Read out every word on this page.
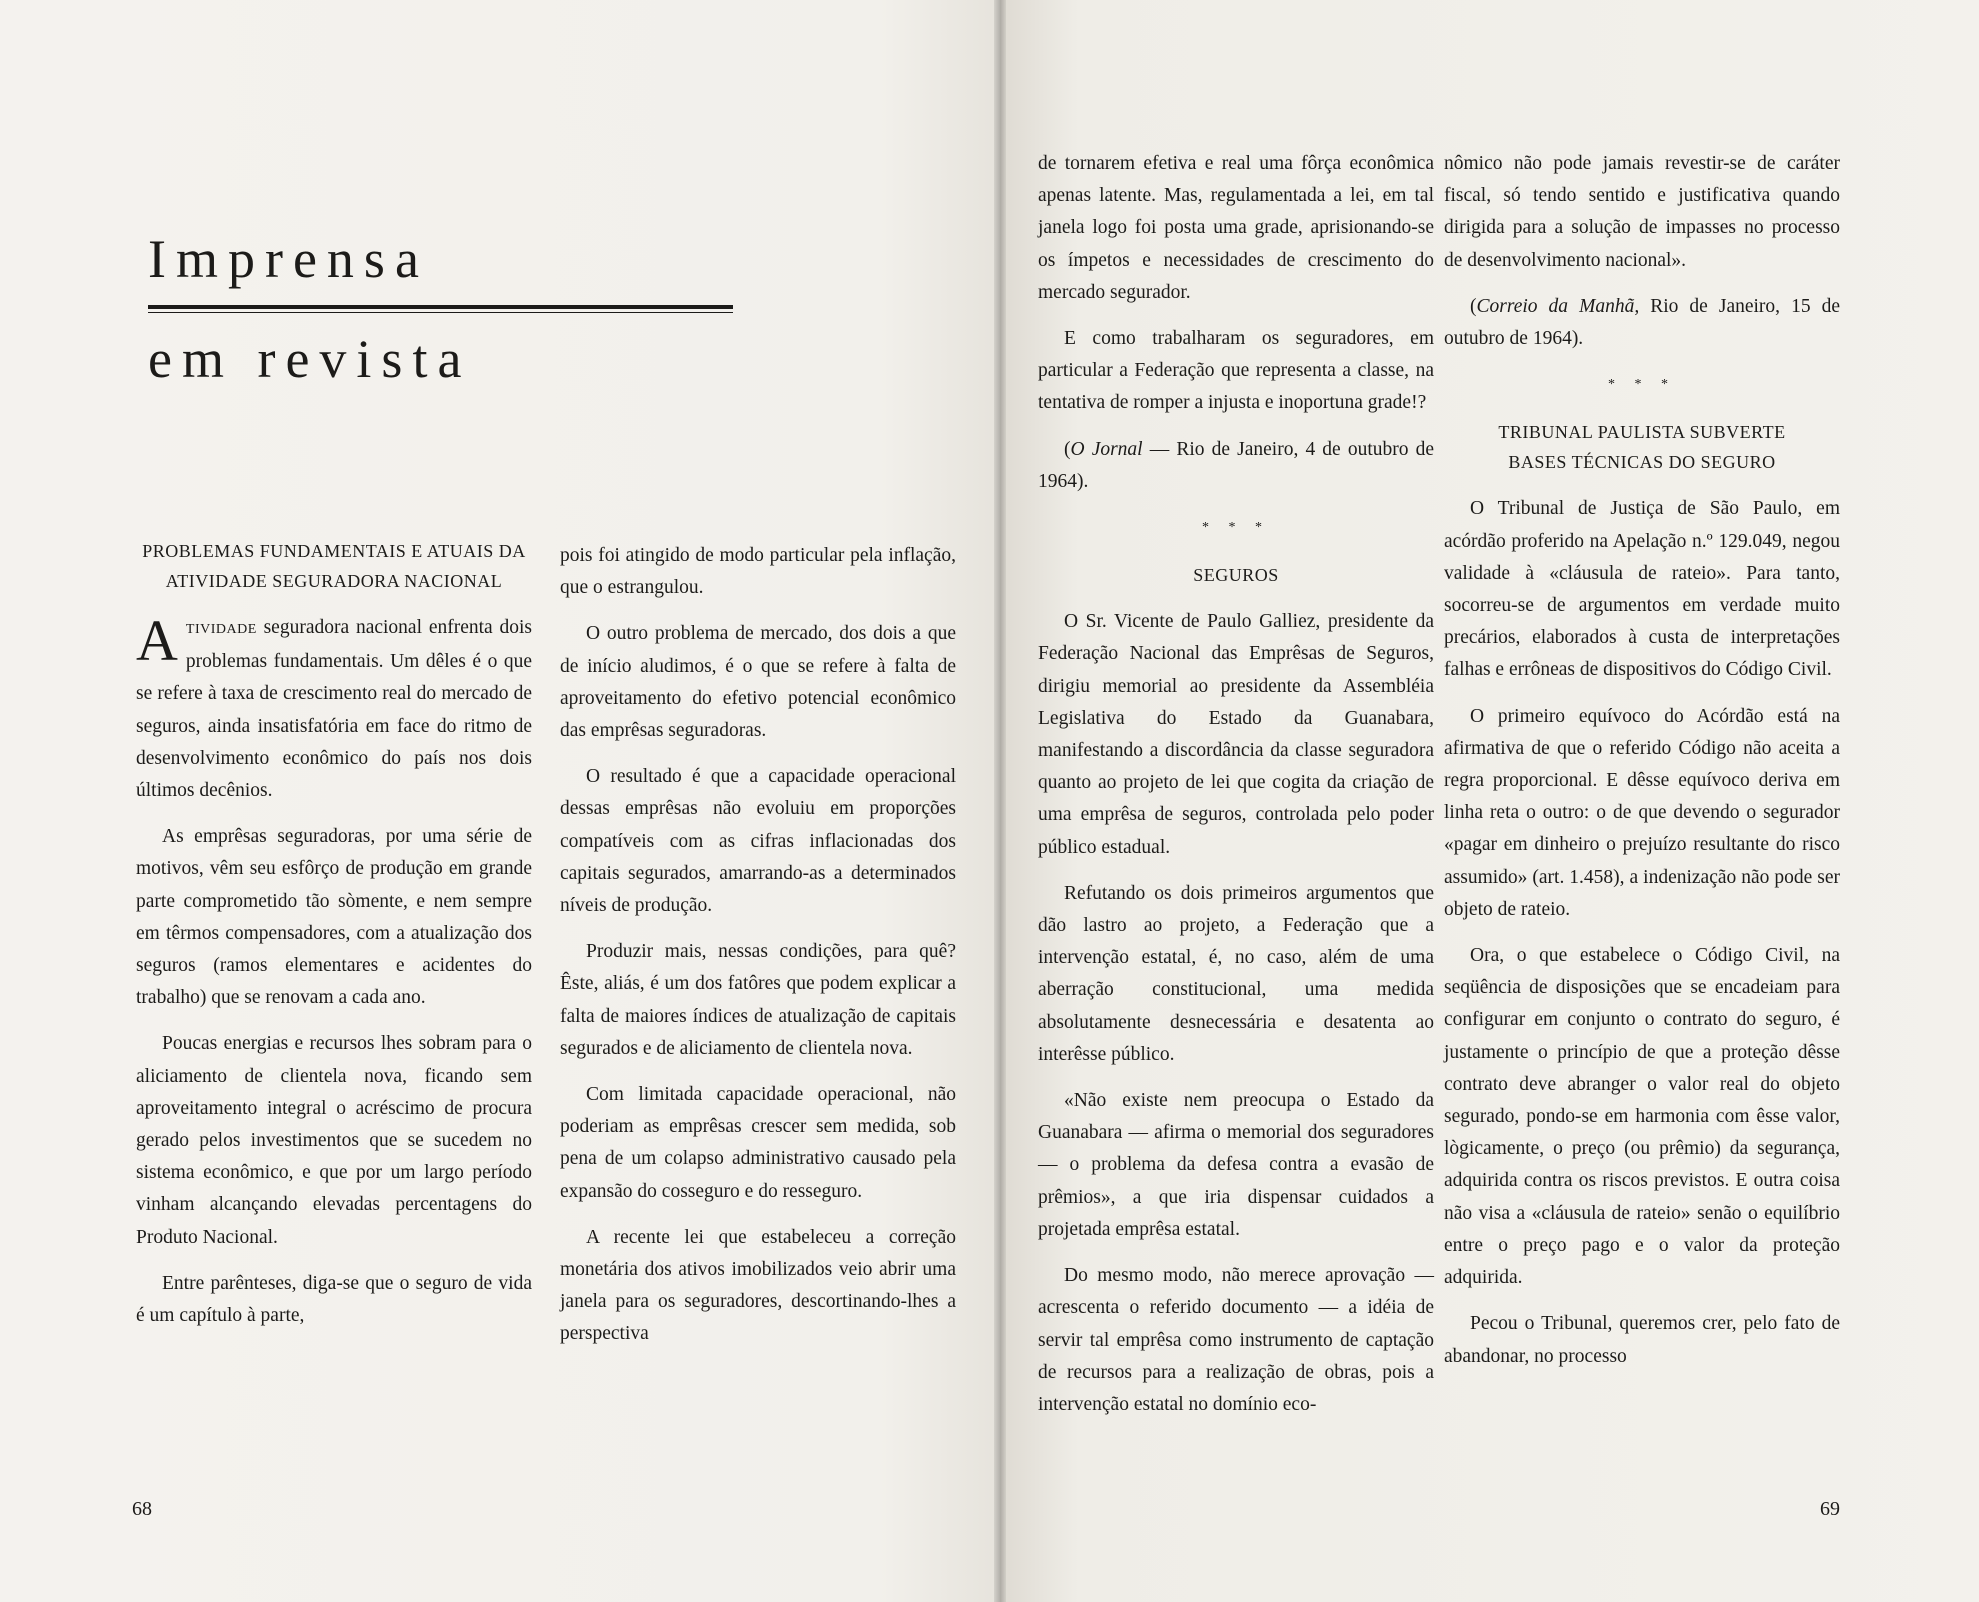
Imprensa
em revista
PROBLEMAS FUNDAMENTAIS E ATUAIS DA ATIVIDADE SEGURADORA NACIONAL

ATIVIDADE seguradora nacional enfrenta dois problemas fundamentais. Um dêles é o que se refere à taxa de crescimento real do mercado de seguros, ainda insatisfatória em face do ritmo de desenvolvimento econômico do país nos dois últimos decênios.

As emprêsas seguradoras, por uma série de motivos, vêm seu esfôrço de produção em grande parte comprometido tão sòmente, e nem sempre em têrmos compensadores, com a atualização dos seguros (ramos elementares e acidentes do trabalho) que se renovam a cada ano.

Poucas energias e recursos lhes sobram para o aliciamento de clientela nova, ficando sem aproveitamento integral o acréscimo de procura gerado pelos investimentos que se sucedem no sistema econômico, e que por um largo período vinham alcançando elevadas percentagens do Produto Nacional.

Entre parênteses, diga-se que o seguro de vida é um capítulo à parte,

pois foi atingido de modo particular pela inflação, que o estrangulou.

O outro problema de mercado, dos dois a que de início aludimos, é o que se refere à falta de aproveitamento do efetivo potencial econômico das emprêsas seguradoras.

O resultado é que a capacidade operacional dessas emprêsas não evoluiu em proporções compatíveis com as cifras inflacionadas dos capitais segurados, amarrando-as a determinados níveis de produção.

Produzir mais, nessas condições, para quê? Êste, aliás, é um dos fatôres que podem explicar a falta de maiores índices de atualização de capitais segurados e de aliciamento de clientela nova.

Com limitada capacidade operacional, não poderiam as emprêsas crescer sem medida, sob pena de um colapso administrativo causado pela expansão do cosseguro e do resseguro.

A recente lei que estabeleceu a correção monetária dos ativos imobilizados veio abrir uma janela para os seguradores, descortinando-lhes a perspectiva

68

de tornarem efetiva e real uma fôrça econômica apenas latente. Mas, regulamentada a lei, em tal janela logo foi posta uma grade, aprisionando-se os ímpetos e necessidades de crescimento do mercado segurador.

E como trabalharam os seguradores, em particular a Federação que representa a classe, na tentativa de romper a injusta e inoportuna grade!?

(O Jornal — Rio de Janeiro, 4 de outubro de 1964).

* * *
SEGUROS

O Sr. Vicente de Paulo Galliez, presidente da Federação Nacional das Emprêsas de Seguros, dirigiu memorial ao presidente da Assembléia Legislativa do Estado da Guanabara, manifestando a discordância da classe seguradora quanto ao projeto de lei que cogita da criação de uma emprêsa de seguros, controlada pelo poder público estadual.

Refutando os dois primeiros argumentos que dão lastro ao projeto, a Federação que a intervenção estatal, é, no caso, além de uma aberração constitucional, uma medida absolutamente desnecessária e desatenta ao interêsse público.

«Não existe nem preocupa o Estado da Guanabara — afirma o memorial dos seguradores — o problema da defesa contra a evasão de prêmios», a que iria dispensar cuidados a projetada emprêsa estatal.

Do mesmo modo, não merece aprovação — acrescenta o referido documento — a idéia de servir tal emprêsa como instrumento de captação de recursos para a realização de obras, pois a intervenção estatal no domínio eco-

nômico não pode jamais revestir-se de caráter fiscal, só tendo sentido e justificativa quando dirigida para a solução de impasses no processo de desenvolvimento nacional».

(Correio da Manhã, Rio de Janeiro, 15 de outubro de 1964).

* * *
TRIBUNAL PAULISTA SUBVERTE
BASES TÉCNICAS DO SEGURO

O Tribunal de Justiça de São Paulo, em acórdão proferido na Apelação n.º 129.049, negou validade à «cláusula de rateio». Para tanto, socorreu-se de argumentos em verdade muito precários, elaborados à custa de interpretações falhas e errôneas de dispositivos do Código Civil.

O primeiro equívoco do Acórdão está na afirmativa de que o referido Código não aceita a regra proporcional. E dêsse equívoco deriva em linha reta o outro: o de que devendo o segurador «pagar em dinheiro o prejuízo resultante do risco assumido» (art. 1.458), a indenização não pode ser objeto de rateio.

Ora, o que estabelece o Código Civil, na seqüência de disposições que se encadeiam para configurar em conjunto o contrato do seguro, é justamente o princípio de que a proteção dêsse contrato deve abranger o valor real do objeto segurado, pondo-se em harmonia com êsse valor, lògicamente, o preço (ou prêmio) da segurança, adquirida contra os riscos previstos. E outra coisa não visa a «cláusula de rateio» senão o equilíbrio entre o preço pago e o valor da proteção adquirida.

Pecou o Tribunal, queremos crer, pelo fato de abandonar, no processo

69
